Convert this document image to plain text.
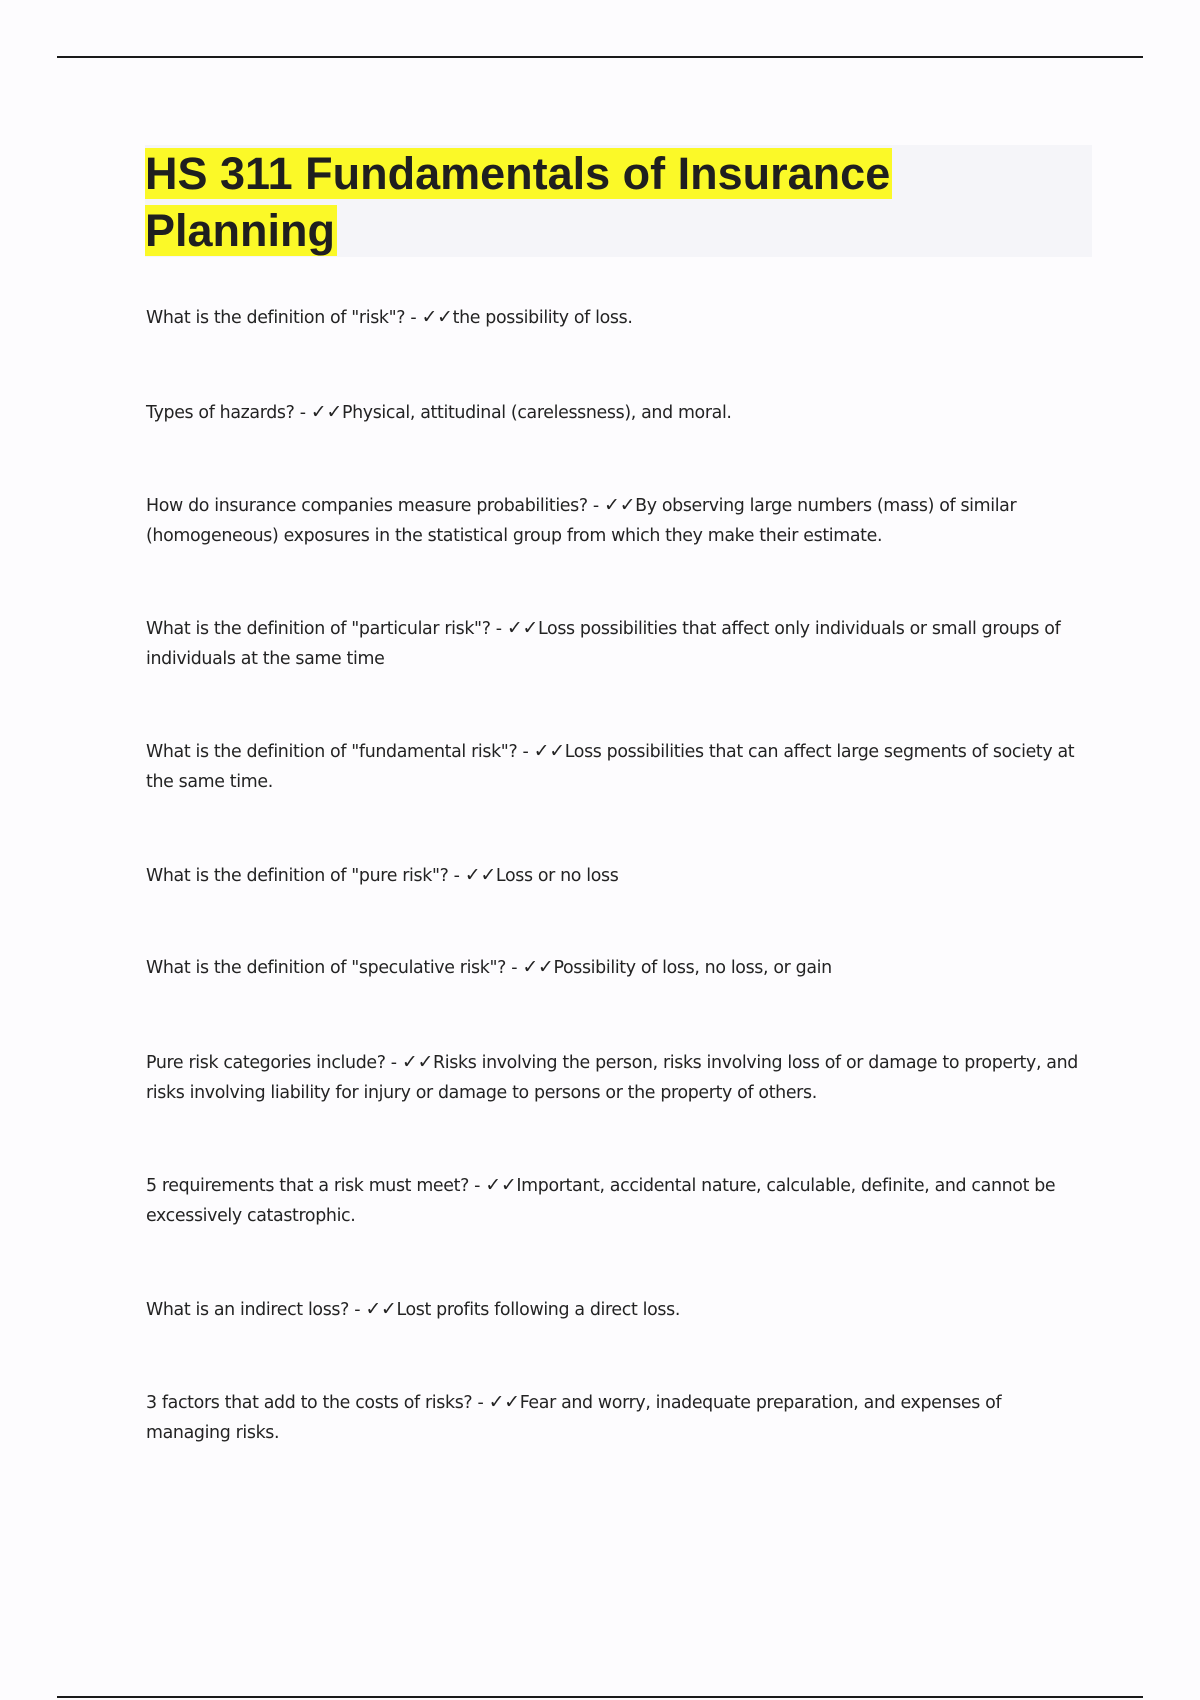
HS 311 Fundamentals of Insurance Planning

What is the definition of "risk"? - ✓✓the possibility of loss.

Types of hazards? - ✓✓Physical, attitudinal (carelessness), and moral.

How do insurance companies measure probabilities? - ✓✓By observing large numbers (mass) of similar (homogeneous) exposures in the statistical group from which they make their estimate.

What is the definition of "particular risk"? - ✓✓Loss possibilities that affect only individuals or small groups of individuals at the same time

What is the definition of "fundamental risk"? - ✓✓Loss possibilities that can affect large segments of society at the same time.

What is the definition of "pure risk"? - ✓✓Loss or no loss

What is the definition of "speculative risk"? - ✓✓Possibility of loss, no loss, or gain

Pure risk categories include? - ✓✓Risks involving the person, risks involving loss of or damage to property, and risks involving liability for injury or damage to persons or the property of others.

5 requirements that a risk must meet? - ✓✓Important, accidental nature, calculable, definite, and cannot be excessively catastrophic.

What is an indirect loss? - ✓✓Lost profits following a direct loss.

3 factors that add to the costs of risks? - ✓✓Fear and worry, inadequate preparation, and expenses of managing risks.
